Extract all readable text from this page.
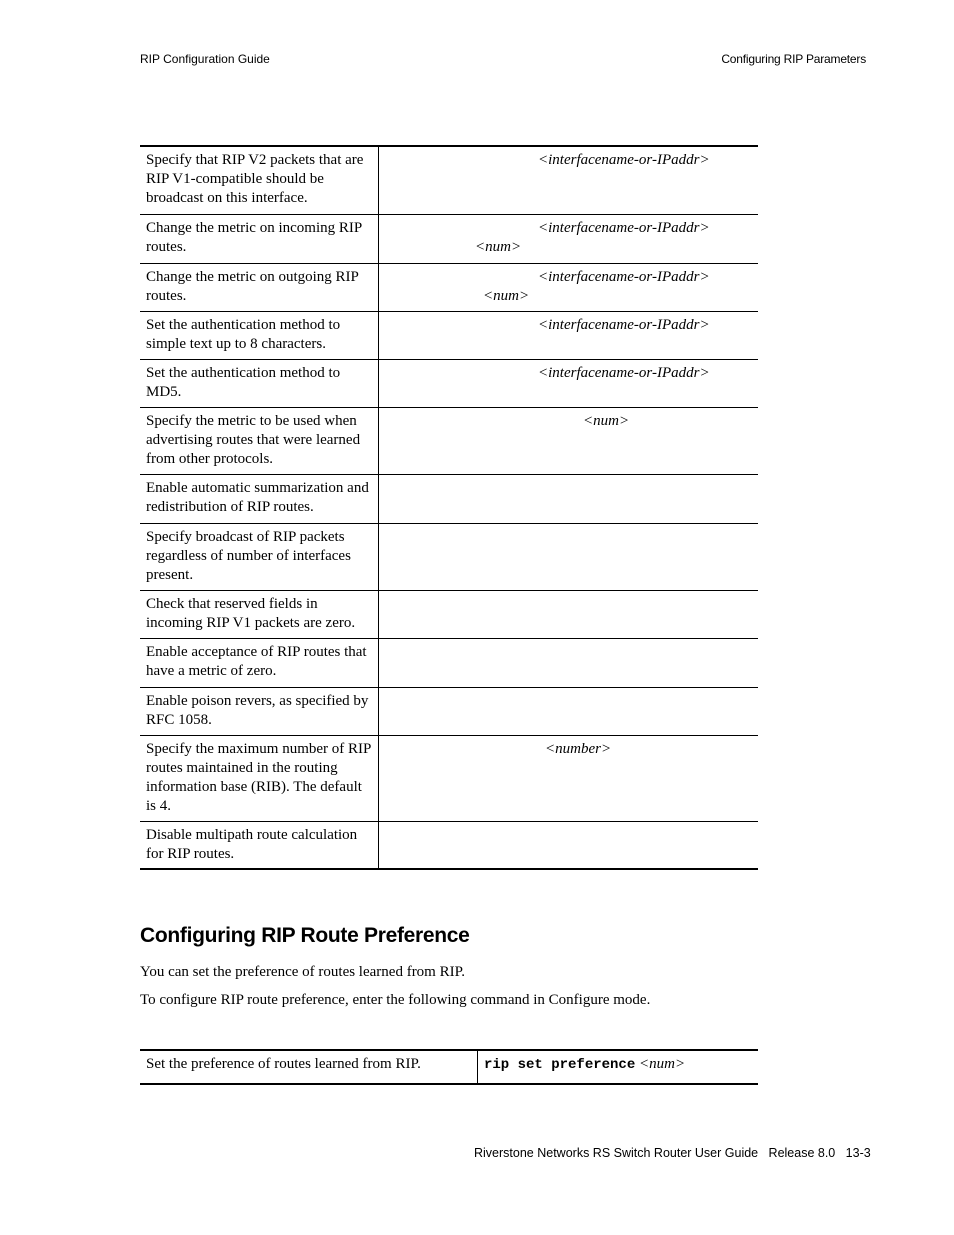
RIP Configuration Guide	Configuring RIP Parameters
Specify that RIP V2 packets that are RIP V1-compatible should be broadcast on this interface.	<interfacename-or-IPaddr>

Change the metric on incoming RIP routes.	<interfacename-or-IPaddr>
<num>

Change the metric on outgoing RIP routes.	<interfacename-or-IPaddr>
<num>

Set the authentication method to simple text up to 8 characters.	<interfacename-or-IPaddr>

Set the authentication method to MD5.	<interfacename-or-IPaddr>

Specify the metric to be used when advertising routes that were learned from other protocols.	<num>

Enable automatic summarization and redistribution of RIP routes.	
Specify broadcast of RIP packets regardless of number of interfaces present.	
Check that reserved fields in incoming RIP V1 packets are zero.	
Enable acceptance of RIP routes that have a metric of zero.	
Enable poison revers, as specified by RFC 1058.	
Specify the maximum number of RIP routes maintained in the routing information base (RIB). The default is 4.	<number>

Disable multipath route calculation for RIP routes.	
Configuring RIP Route Preference

You can set the preference of routes learned from RIP.

To configure RIP route preference, enter the following command in Configure mode.

Set the preference of routes learned from RIP.	rip set preference <num>
Riverstone Networks RS Switch Router User Guide   Release 8.0   13-3
